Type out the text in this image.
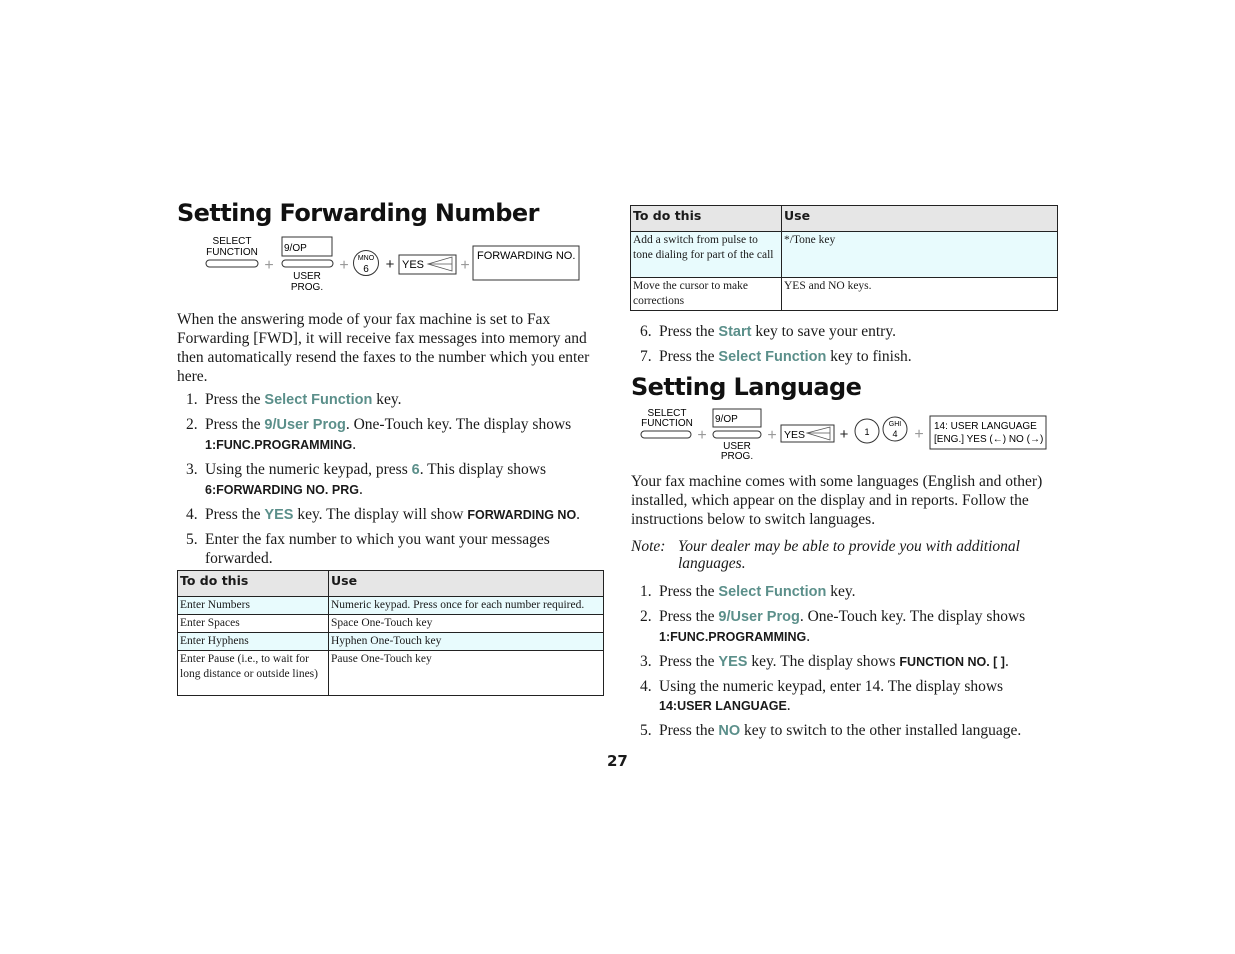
Setting Forwarding Number
SELECT
FUNCTION
+
9/OP
USER
PROG.
+ MNO
6 + YES +
FORWARDING NO.
When the answering mode of your fax machine is set to Fax Forwarding [FWD], it will receive fax messages into memory and then automatically resend the faxes to the number which you enter here.
1. Press the Select Function key.
2. Press the 9/User Prog. One-Touch key. The display shows
1:FUNC.PROGRAMMING.
3. Using the numeric keypad, press 6. This display shows
6:FORWARDING NO. PRG.
4. Press the YES key. The display will show FORWARDING NO.
5. Enter the fax number to which you want your messages forwarded.
To do this	Use
Enter Numbers	Numeric keypad. Press once for each number required.
Enter Spaces	Space One-Touch key
Enter Hyphens	Hyphen One-Touch key
Enter Pause (i.e., to wait for long distance or outside lines)	Pause One-Touch key
To do this	Use
Add a switch from pulse to tone dialing for part of the call	*/Tone key
Move the cursor to make corrections	YES and NO keys.
6. Press the Start key to save your entry.
7. Press the Select Function key to finish.
Setting Language
SELECT
FUNCTION
+
9/OP
USER
PROG.
+ YES + 1
GHI
4 + 14: USER LANGUAGE
[ENG.] YES (←) NO (→)
Your fax machine comes with some languages (English and other) installed, which appear on the display and in reports. Follow the instructions below to switch languages.
Note: Your dealer may be able to provide you with additional languages.
1. Press the Select Function key.
2. Press the 9/User Prog. One-Touch key. The display shows
1:FUNC.PROGRAMMING.
3. Press the YES key. The display shows FUNCTION NO. [ ].
4. Using the numeric keypad, enter 14. The display shows
14:USER LANGUAGE.
5. Press the NO key to switch to the other installed language.
27
